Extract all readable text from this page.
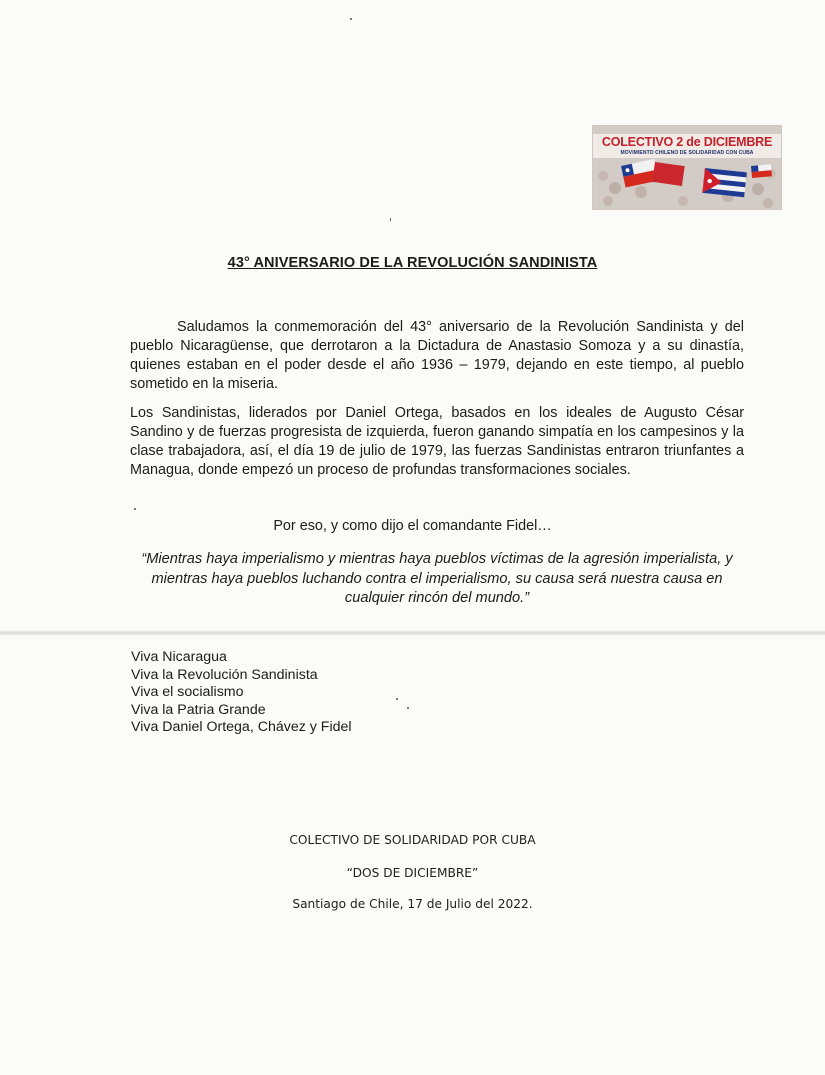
COLECTIVO 2 de DICIEMBRE
MOVIMIENTO CHILENO DE SOLIDARIDAD CON CUBA
43° ANIVERSARIO DE LA REVOLUCIÓN SANDINISTA

Saludamos la conmemoración del 43° aniversario de la Revolución Sandinista y del pueblo Nicaragüense, que derrotaron a la Dictadura de Anastasio Somoza y a su dinastía, quienes estaban en el poder desde el año 1936 – 1979, dejando en este tiempo, al pueblo sometido en la miseria.

Los Sandinistas, liderados por Daniel Ortega, basados en los ideales de Augusto César Sandino y de fuerzas progresista de izquierda, fueron ganando simpatía en los campesinos y la clase trabajadora, así, el día 19 de julio de 1979, las fuerzas Sandinistas entraron triunfantes a Managua, donde empezó un proceso de profundas transformaciones sociales.

Por eso, y como dijo el comandante Fidel…

“Mientras haya imperialismo y mientras haya pueblos víctimas de la agresión imperialista, y mientras haya pueblos luchando contra el imperialismo, su causa será nuestra causa en cualquier rincón del mundo.”

Viva Nicaragua
Viva la Revolución Sandinista
Viva el socialismo
Viva la Patria Grande
Viva Daniel Ortega, Chávez y Fidel
COLECTIVO DE SOLIDARIDAD POR CUBA
“DOS DE DICIEMBRE”
Santiago de Chile, 17 de Julio del 2022.
